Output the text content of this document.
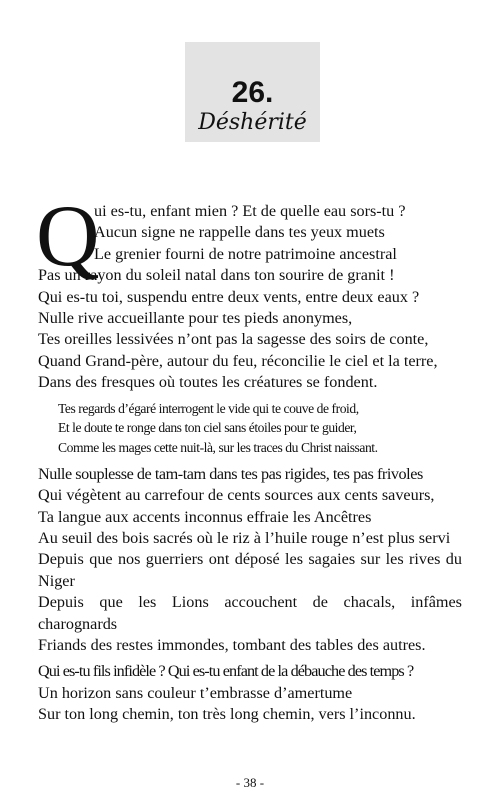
26.
Déshérité
Q
ui es-tu, enfant mien ? Et de quelle eau sors-tu ?
Aucun signe ne rappelle dans tes yeux muets
Le grenier fourni de notre patrimoine ancestral
Pas un rayon du soleil natal dans ton sourire de granit !
Qui es-tu toi, suspendu entre deux vents, entre deux eaux ?
Nulle rive accueillante pour tes pieds anonymes,
Tes oreilles lessivées n’ont pas la sagesse des soirs de conte,
Quand Grand-père, autour du feu, réconcilie le ciel et la terre,
Dans des fresques où toutes les créatures se fondent.
Tes regards d’égaré interrogent le vide qui te couve de froid,
Et le doute te ronge dans ton ciel sans étoiles pour te guider,
Comme les mages cette nuit-là, sur les traces du Christ naissant.
Nulle souplesse de tam-tam dans tes pas rigides, tes pas frivoles
Qui végètent au carrefour de cents sources aux cents saveurs,
Ta langue aux accents inconnus effraie les Ancêtres
Au seuil des bois sacrés où le riz à l’huile rouge n’est plus servi
Depuis que nos guerriers ont déposé les sagaies sur les rives du Niger
Depuis que les Lions accouchent de chacals, infâmes charognards
Friands des restes immondes, tombant des tables des autres.
Qui es-tu fils infidèle ? Qui es-tu enfant de la débauche des temps ?
Un horizon sans couleur t’embrasse d’amertume
Sur ton long chemin, ton très long chemin, vers l’inconnu.
- 38 -
